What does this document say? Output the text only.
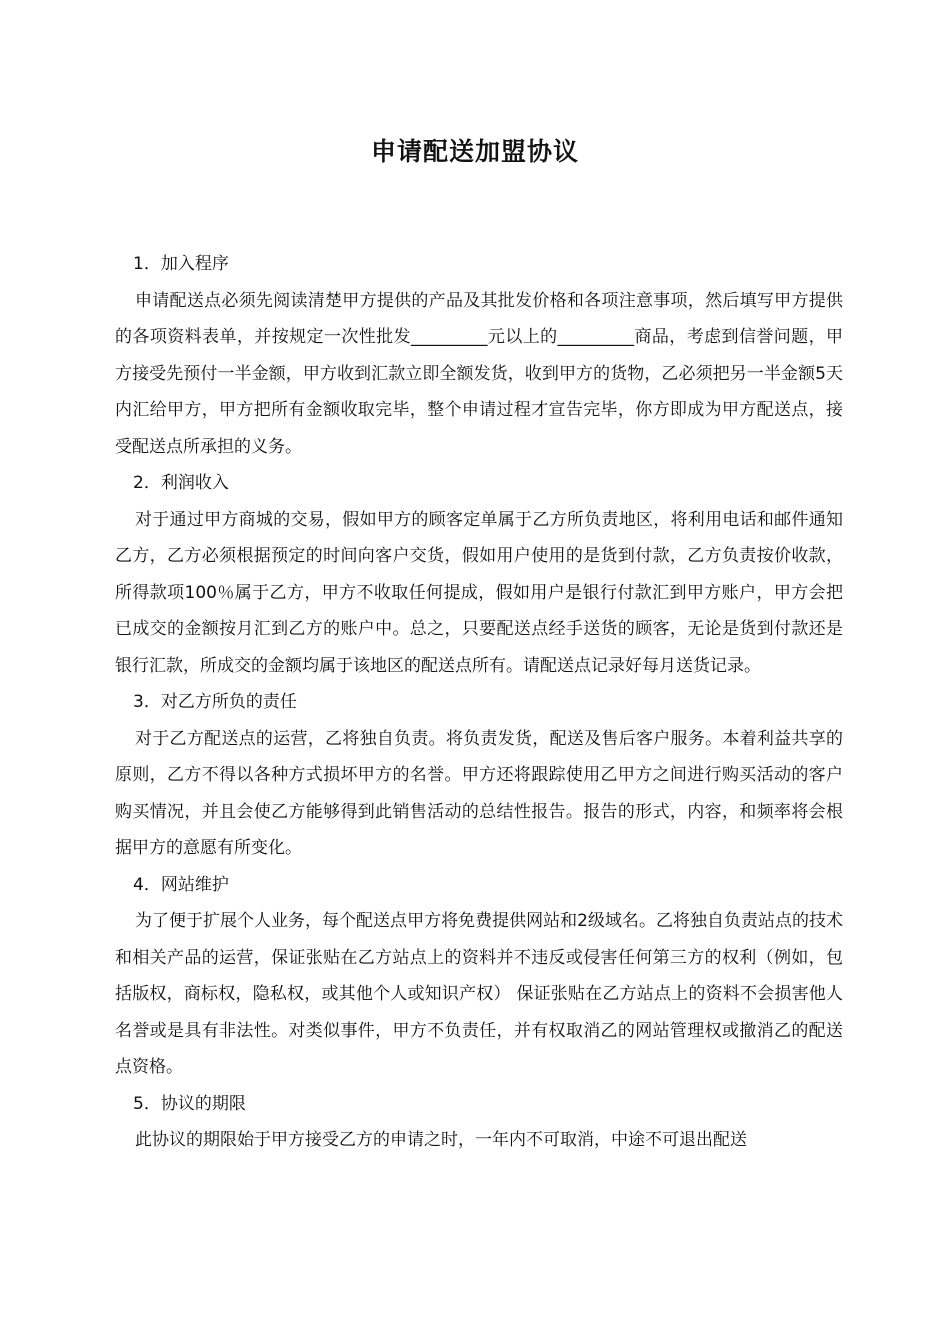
申请配送加盟协议

1．加入程序

申请配送点必须先阅读清楚甲方提供的产品及其批发价格和各项注意事项，然后填写甲方提供的各项资料表单，并按规定一次性批发_________元以上的_________商品，考虑到信誉问题，甲方接受先预付一半金额，甲方收到汇款立即全额发货，收到甲方的货物，乙必须把另一半金额5天内汇给甲方，甲方把所有金额收取完毕，整个申请过程才宣告完毕，你方即成为甲方配送点，接受配送点所承担的义务。

2．利润收入

对于通过甲方商城的交易，假如甲方的顾客定单属于乙方所负责地区，将利用电话和邮件通知乙方，乙方必须根据预定的时间向客户交货，假如用户使用的是货到付款，乙方负责按价收款，所得款项100％属于乙方，甲方不收取任何提成，假如用户是银行付款汇到甲方账户，甲方会把已成交的金额按月汇到乙方的账户中。总之，只要配送点经手送货的顾客，无论是货到付款还是银行汇款，所成交的金额均属于该地区的配送点所有。请配送点记录好每月送货记录。

3．对乙方所负的责任

对于乙方配送点的运营，乙将独自负责。将负责发货，配送及售后客户服务。本着利益共享的原则，乙方不得以各种方式损坏甲方的名誉。甲方还将跟踪使用乙甲方之间进行购买活动的客户购买情况，并且会使乙方能够得到此销售活动的总结性报告。报告的形式，内容，和频率将会根据甲方的意愿有所变化。

4．网站维护

为了便于扩展个人业务，每个配送点甲方将免费提供网站和2级域名。乙将独自负责站点的技术和相关产品的运营，保证张贴在乙方站点上的资料并不违反或侵害任何第三方的权利（例如，包括版权，商标权，隐私权，或其他个人或知识产权） 保证张贴在乙方站点上的资料不会损害他人名誉或是具有非法性。对类似事件，甲方不负责任，并有权取消乙的网站管理权或撤消乙的配送点资格。

5．协议的期限

此协议的期限始于甲方接受乙方的申请之时，一年内不可取消，中途不可退出配送
